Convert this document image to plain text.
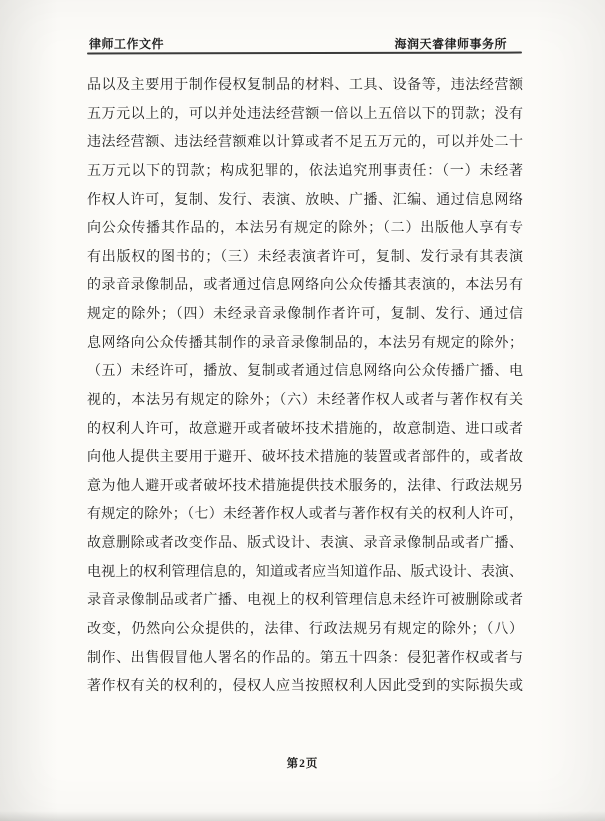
律师工作文件	海润天睿律师事务所
品以及主要用于制作侵权复制品的材料、工具、设备等，违法经营额
五万元以上的，可以并处违法经营额一倍以上五倍以下的罚款；没有
违法经营额、违法经营额难以计算或者不足五万元的，可以并处二十
五万元以下的罚款；构成犯罪的，依法追究刑事责任：（一）未经著
作权人许可，复制、发行、表演、放映、广播、汇编、通过信息网络
向公众传播其作品的，本法另有规定的除外；（二）出版他人享有专
有出版权的图书的；（三）未经表演者许可，复制、发行录有其表演
的录音录像制品，或者通过信息网络向公众传播其表演的，本法另有
规定的除外；（四）未经录音录像制作者许可，复制、发行、通过信
息网络向公众传播其制作的录音录像制品的，本法另有规定的除外；
（五）未经许可，播放、复制或者通过信息网络向公众传播广播、电
视的，本法另有规定的除外；（六）未经著作权人或者与著作权有关
的权利人许可，故意避开或者破坏技术措施的，故意制造、进口或者
向他人提供主要用于避开、破坏技术措施的装置或者部件的，或者故
意为他人避开或者破坏技术措施提供技术服务的，法律、行政法规另
有规定的除外；（七）未经著作权人或者与著作权有关的权利人许可，
故意删除或者改变作品、版式设计、表演、录音录像制品或者广播、
电视上的权利管理信息的，知道或者应当知道作品、版式设计、表演、
录音录像制品或者广播、电视上的权利管理信息未经许可被删除或者
改变，仍然向公众提供的，法律、行政法规另有规定的除外；（八）
制作、出售假冒他人署名的作品的。第五十四条：侵犯著作权或者与
著作权有关的权利的，侵权人应当按照权利人因此受到的实际损失或
第2页
